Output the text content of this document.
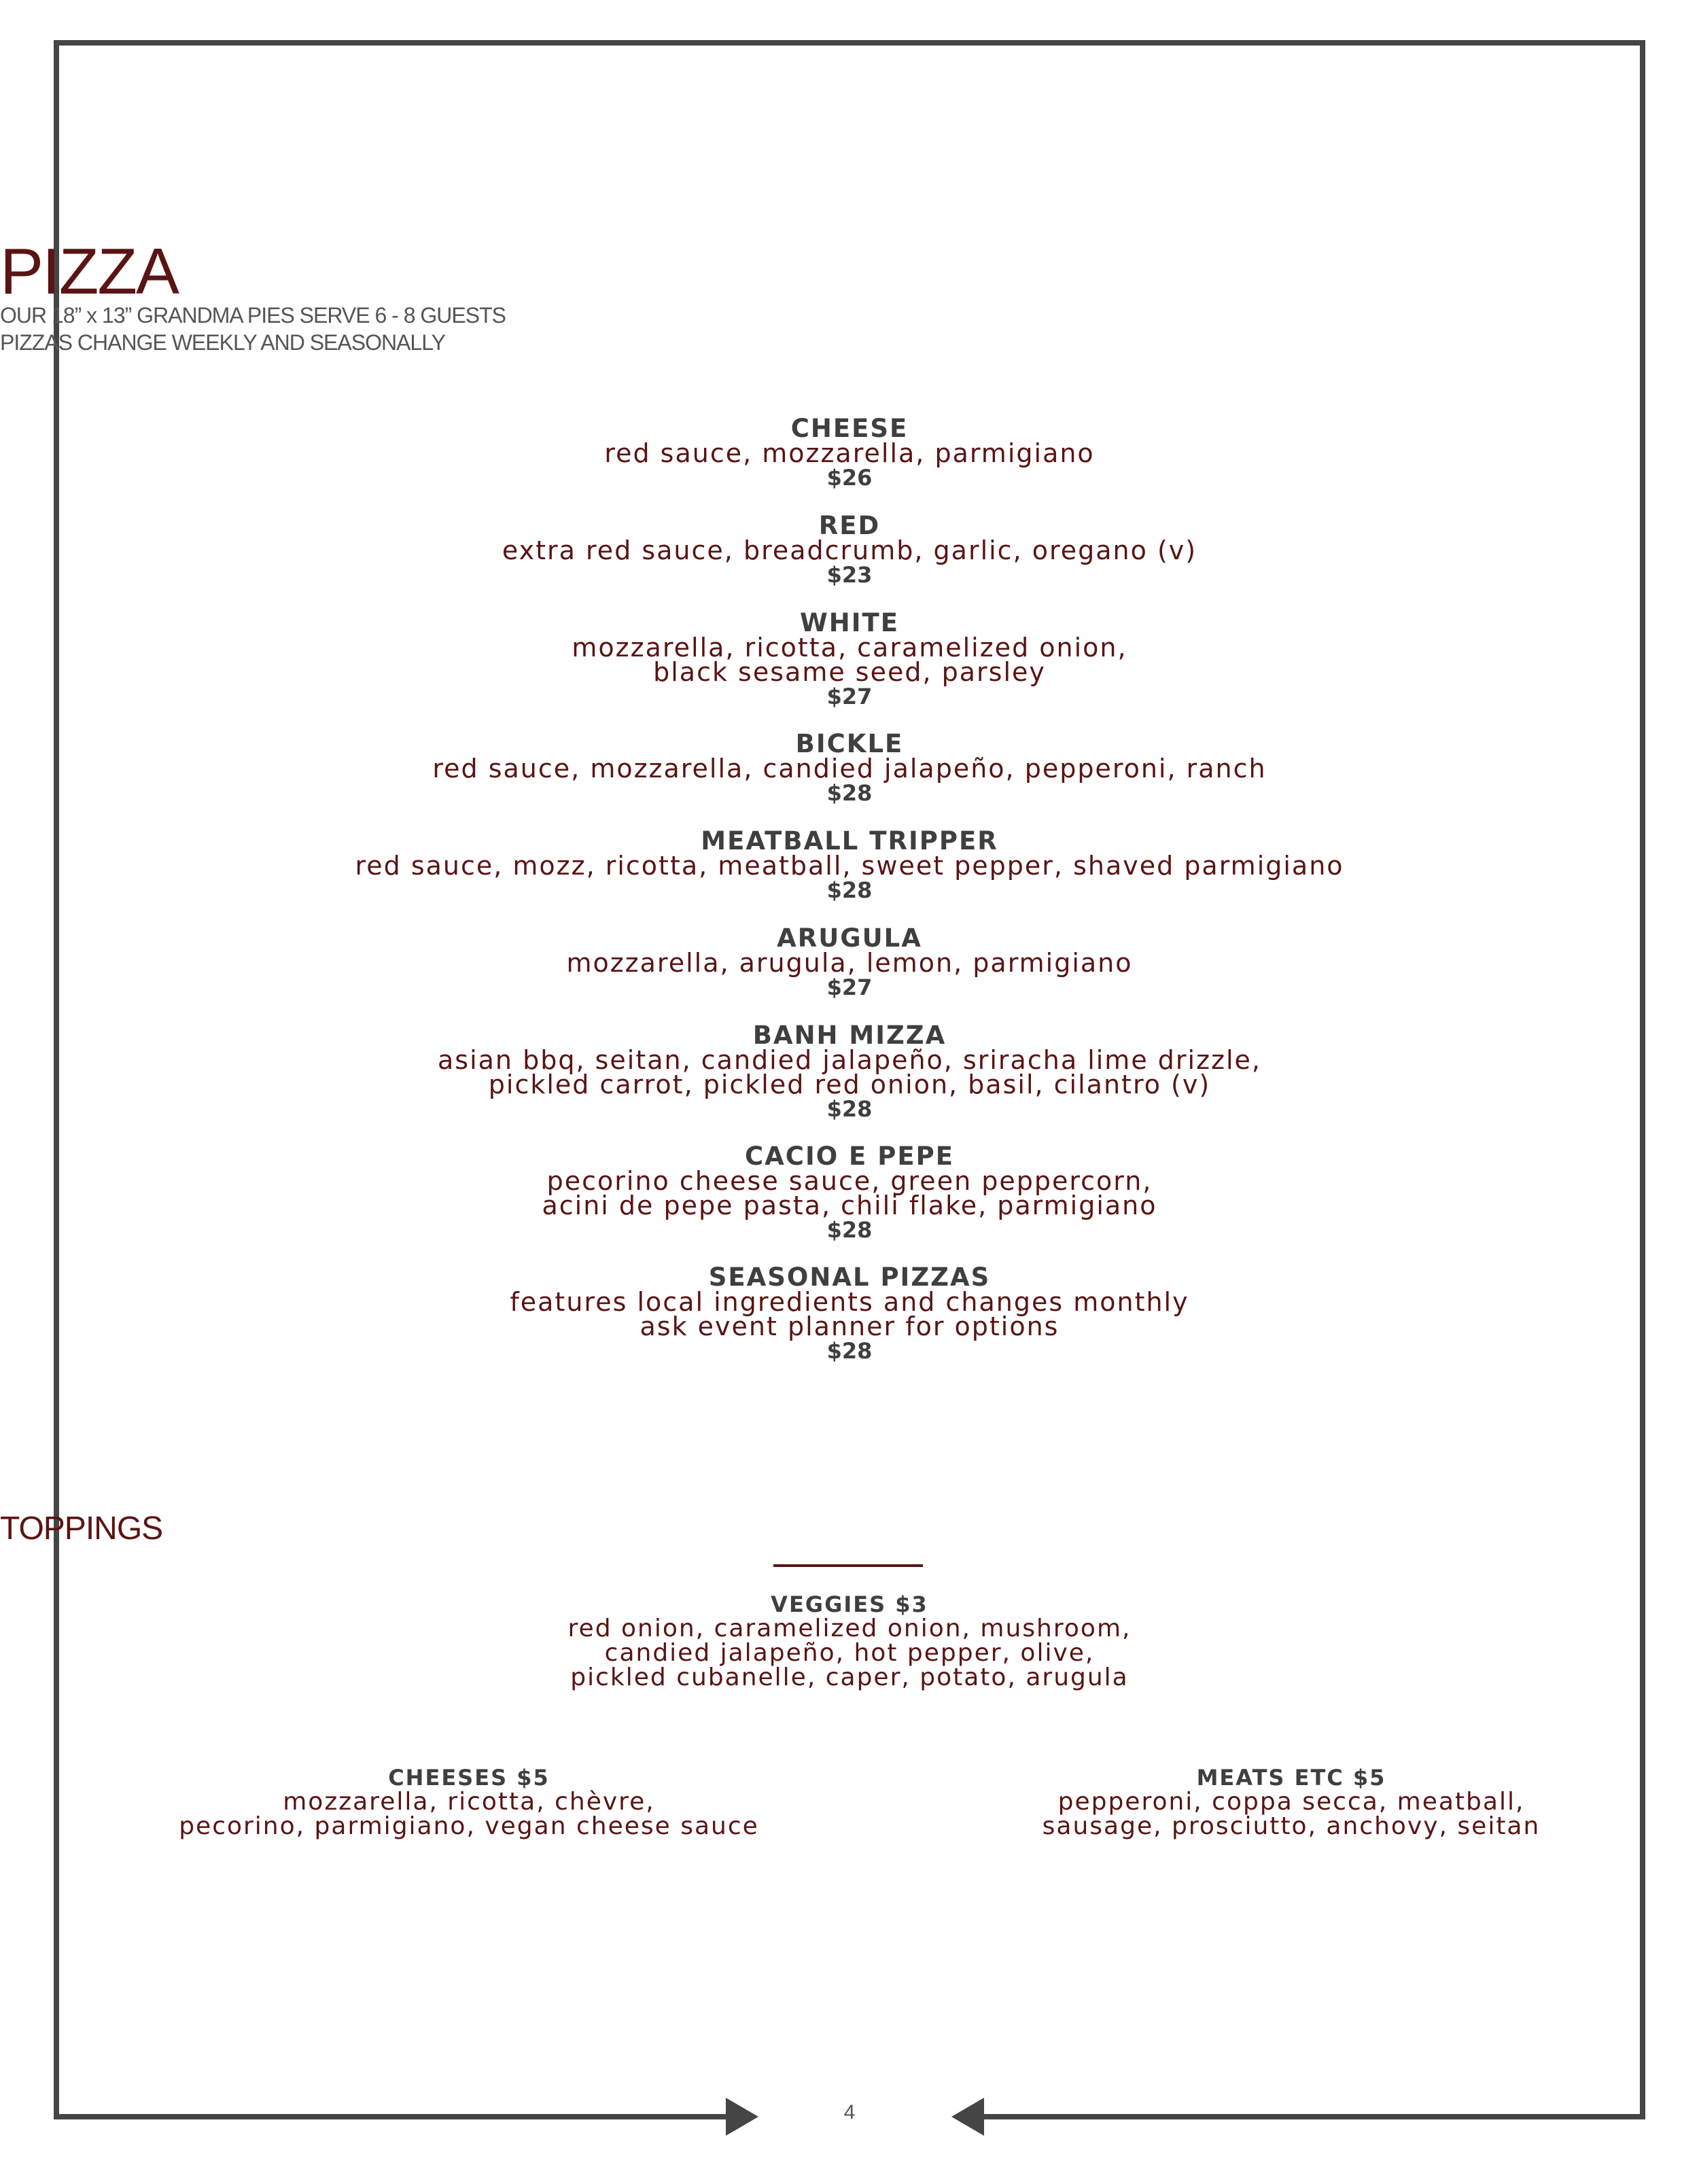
4
PIZZA
OUR 18” x 13” GRANDMA PIES SERVE 6 - 8 GUESTS
PIZZAS CHANGE WEEKLY AND SEASONALLY
CHEESE
red sauce, mozzarella, parmigiano
$26
RED
extra red sauce, breadcrumb, garlic, oregano (v)
$23
WHITE
mozzarella, ricotta, caramelized onion,
black sesame seed, parsley
$27
BICKLE
red sauce, mozzarella, candied jalapeño, pepperoni, ranch
$28
MEATBALL TRIPPER
red sauce, mozz, ricotta, meatball, sweet pepper, shaved parmigiano
$28
ARUGULA
mozzarella, arugula, lemon, parmigiano
$27
BANH MIZZA
asian bbq, seitan, candied jalapeño, sriracha lime drizzle,
pickled carrot, pickled red onion, basil, cilantro (v)
$28
CACIO E PEPE
pecorino cheese sauce, green peppercorn,
acini de pepe pasta, chili flake, parmigiano
$28
SEASONAL PIZZAS
features local ingredients and changes monthly
ask event planner for options
$28
TOPPINGS
VEGGIES $3
red onion, caramelized onion, mushroom,
candied jalapeño, hot pepper, olive,
pickled cubanelle, caper, potato, arugula
CHEESES $5
mozzarella, ricotta, chèvre,
pecorino, parmigiano, vegan cheese sauce
MEATS ETC $5
pepperoni, coppa secca, meatball,
sausage, prosciutto, anchovy, seitan
